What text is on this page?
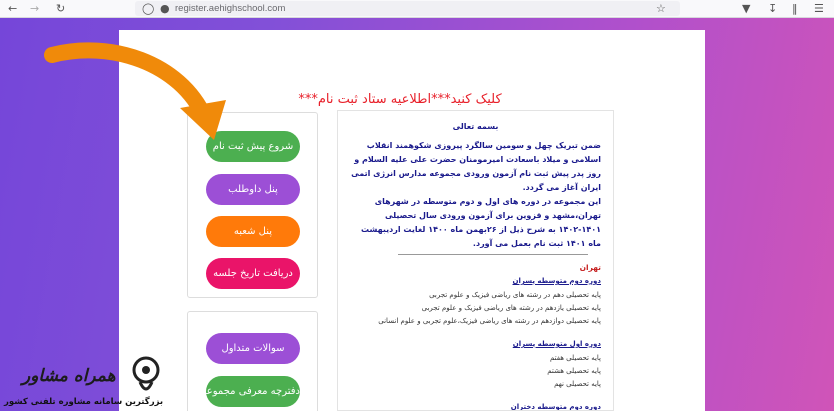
← → ↻	◯ ● register.aehighschool.com	☆	▼ ↧ ‖ ☰
کلیک کنید***اطلاعیه ستاد ثبت نام***
شروع پیش ثبت نام
پنل داوطلب
پنل شعبه
دریافت تاریخ جلسه
سوالات متداول
دفترچه معرفی مجموعه
بسمه تعالی
ضمن تبریک چهل و سومین سالگرد پیروزی شکوهمند انقلاب اسلامی و میلاد باسعادت امیرمومنان حضرت علی علیه السلام و روز پدر پیش ثبت نام آزمون ورودی مجموعه مدارس انرژی اتمی ایران آغاز می گردد.
این مجموعه در دوره های اول و دوم متوسطه در شهرهای تهران،مشهد و قزوین برای آزمون ورودی سال تحصیلی ۱۴۰۱-۱۴۰۲ به شرح ذیل از ۲۶بهمن ماه ۱۴۰۰ لغایت اردیبهشت ماه ۱۴۰۱ ثبت نام بعمل می آورد.
تهران
دوره دوم متوسطه پسران
پایه تحصیلی دهم در رشته های ریاضی فیزیک و علوم تجربی
پایه تحصیلی یازدهم در رشته های ریاضی فیزیک و علوم تجربی
پایه تحصیلی دوازدهم در رشته های ریاضی فیزیک،علوم تجربی و علوم انسانی
دوره اول متوسطه پسران
پایه تحصیلی هفتم
پایه تحصیلی هشتم
پایه تحصیلی نهم
دوره دوم متوسطه دختران
همراه مشاور
بزرگترین سامانه مشاوره تلفنی کشور
